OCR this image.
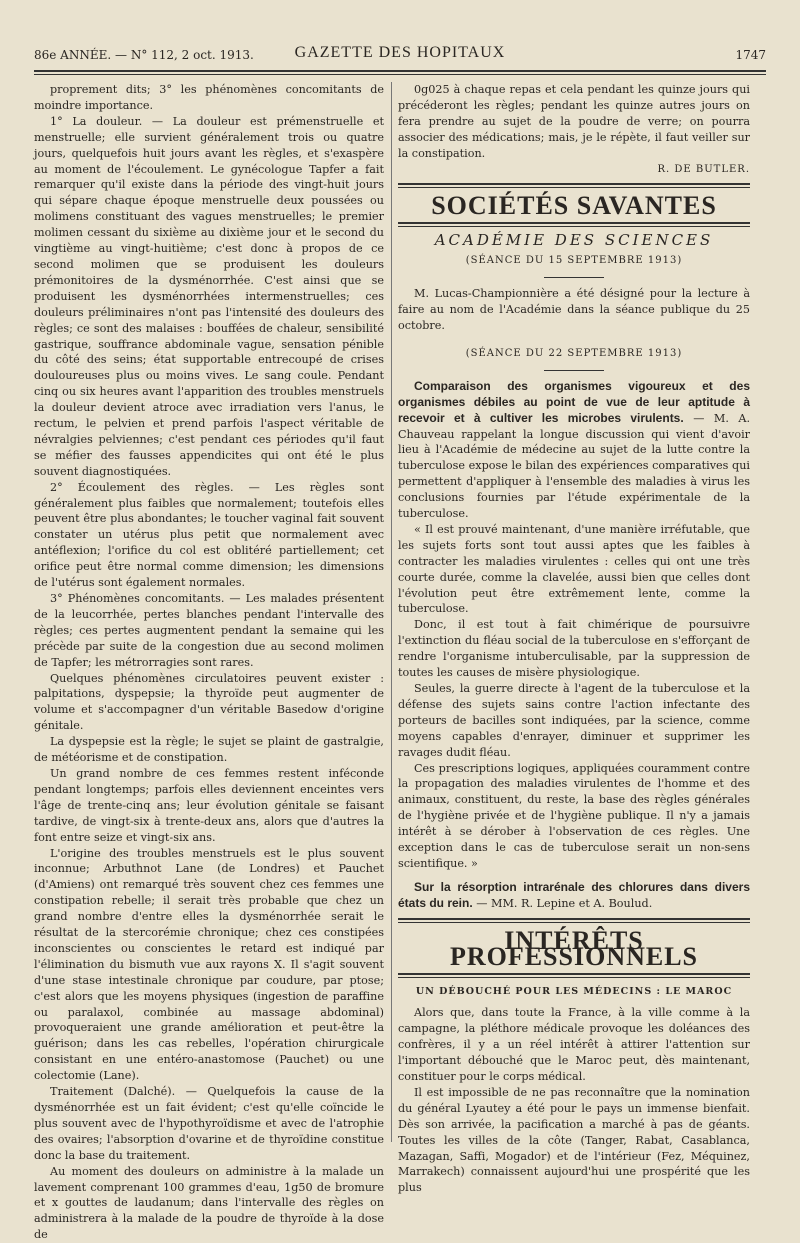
86e ANNÉE. — N° 112, 2 oct. 1913.	GAZETTE DES HOPITAUX	1747

proprement dits; 3° les phénomènes concomitants de moindre importance.

1° La douleur. — La douleur est prémenstruelle et menstruelle; elle survient généralement trois ou quatre jours, quelquefois huit jours avant les règles, et s'exaspère au moment de l'écoulement. Le gynécologue Tapfer a fait remarquer qu'il existe dans la période des vingt-huit jours qui sépare chaque époque menstruelle deux poussées ou molimens constituant des vagues menstruelles; le premier molimen cessant du sixième au dixième jour et le second du vingtième au vingt-huitième; c'est donc à propos de ce second molimen que se produisent les douleurs prémonitoires de la dysménorrhée. C'est ainsi que se produisent les dysménorrhées intermenstruelles; ces douleurs préliminaires n'ont pas l'intensité des douleurs des règles; ce sont des malaises : bouffées de chaleur, sensibilité gastrique, souffrance abdominale vague, sensation pénible du côté des seins; état supportable entrecoupé de crises douloureuses plus ou moins vives. Le sang coule. Pendant cinq ou six heures avant l'apparition des troubles menstruels la douleur devient atroce avec irradiation vers l'anus, le rectum, le pelvien et prend parfois l'aspect véritable de névralgies pelviennes; c'est pendant ces périodes qu'il faut se méfier des fausses appendicites qui ont été le plus souvent diagnostiquées.

2° Écoulement des règles. — Les règles sont généralement plus faibles que normalement; toutefois elles peuvent être plus abondantes; le toucher vaginal fait souvent constater un utérus plus petit que normalement avec antéflexion; l'orifice du col est oblitéré partiellement; cet orifice peut être normal comme dimension; les dimensions de l'utérus sont également normales.

3° Phénomènes concomitants. — Les malades présentent de la leucorrhée, pertes blanches pendant l'intervalle des règles; ces pertes augmentent pendant la semaine qui les précède par suite de la congestion due au second molimen de Tapfer; les métrorragies sont rares.

Quelques phénomènes circulatoires peuvent exister : palpitations, dyspepsie; la thyroïde peut augmenter de volume et s'accompagner d'un véritable Basedow d'origine génitale.

La dyspepsie est la règle; le sujet se plaint de gastralgie, de météorisme et de constipation.

Un grand nombre de ces femmes restent inféconde pendant longtemps; parfois elles deviennent enceintes vers l'âge de trente-cinq ans; leur évolution génitale se faisant tardive, de vingt-six à trente-deux ans, alors que d'autres la font entre seize et vingt-six ans.

L'origine des troubles menstruels est le plus souvent inconnue; Arbuthnot Lane (de Londres) et Pauchet (d'Amiens) ont remarqué très souvent chez ces femmes une constipation rebelle; il serait très probable que chez un grand nombre d'entre elles la dysménorrhée serait le résultat de la stercorémie chronique; chez ces constipées inconscientes ou conscientes le retard est indiqué par l'élimination du bismuth vue aux rayons X. Il s'agit souvent d'une stase intestinale chronique par coudure, par ptose; c'est alors que les moyens physiques (ingestion de paraffine ou paralaxol, combinée au massage abdominal) provoqueraient une grande amélioration et peut-être la guérison; dans les cas rebelles, l'opération chirurgicale consistant en une entéro-anastomose (Pauchet) ou une colectomie (Lane).

Traitement (Dalché). — Quelquefois la cause de la dysménorrhée est un fait évident; c'est qu'elle coïncide le plus souvent avec de l'hypothyroïdisme et avec de l'atrophie des ovaires; l'absorption d'ovarine et de thyroïdine constitue donc la base du traitement.

Au moment des douleurs on administre à la malade un lavement comprenant 100 grammes d'eau, 1g50 de bromure et x gouttes de laudanum; dans l'intervalle des règles on administrera à la malade de la poudre de thyroïde à la dose de

0g025 à chaque repas et cela pendant les quinze jours qui précéderont les règles; pendant les quinze autres jours on fera prendre au sujet de la poudre de verre; on pourra associer des médications; mais, je le répète, il faut veiller sur la constipation.

R. DE BUTLER.
SOCIÉTÉS SAVANTES
ACADÉMIE DES SCIENCES
(SÉANCE DU 15 SEPTEMBRE 1913)

M. Lucas-Championnière a été désigné pour la lecture à faire au nom de l'Académie dans la séance publique du 25 octobre.

(SÉANCE DU 22 SEPTEMBRE 1913)

Comparaison des organismes vigoureux et des organismes débiles au point de vue de leur aptitude à recevoir et à cultiver les microbes virulents. — M. A. Chauveau rappelant la longue discussion qui vient d'avoir lieu à l'Académie de médecine au sujet de la lutte contre la tuberculose expose le bilan des expériences comparatives qui permettent d'appliquer à l'ensemble des maladies à virus les conclusions fournies par l'étude expérimentale de la tuberculose.

« Il est prouvé maintenant, d'une manière irréfutable, que les sujets forts sont tout aussi aptes que les faibles à contracter les maladies virulentes : celles qui ont une très courte durée, comme la clavelée, aussi bien que celles dont l'évolution peut être extrêmement lente, comme la tuberculose.

Donc, il est tout à fait chimérique de poursuivre l'extinction du fléau social de la tuberculose en s'efforçant de rendre l'organisme intuberculisable, par la suppression de toutes les causes de misère physiologique.

Seules, la guerre directe à l'agent de la tuberculose et la défense des sujets sains contre l'action infectante des porteurs de bacilles sont indiquées, par la science, comme moyens capables d'enrayer, diminuer et supprimer les ravages dudit fléau.

Ces prescriptions logiques, appliquées couramment contre la propagation des maladies virulentes de l'homme et des animaux, constituent, du reste, la base des règles générales de l'hygiène privée et de l'hygiène publique. Il n'y a jamais intérêt à se dérober à l'observation de ces règles. Une exception dans le cas de tuberculose serait un non-sens scientifique. »

Sur la résorption intrarénale des chlorures dans divers états du rein. — MM. R. Lepine et A. Boulud.

INTÉRÊTS PROFESSIONNELS
UN DÉBOUCHÉ POUR LES MÉDECINS : LE MAROC

Alors que, dans toute la France, à la ville comme à la campagne, la pléthore médicale provoque les doléances des confrères, il y a un réel intérêt à attirer l'attention sur l'important débouché que le Maroc peut, dès maintenant, constituer pour le corps médical.

Il est impossible de ne pas reconnaître que la nomination du général Lyautey a été pour le pays un immense bienfait. Dès son arrivée, la pacification a marché à pas de géants. Toutes les villes de la côte (Tanger, Rabat, Casablanca, Mazagan, Saffi, Mogador) et de l'intérieur (Fez, Méquinez, Marrakech) connaissent aujourd'hui une prospérité que les plus
